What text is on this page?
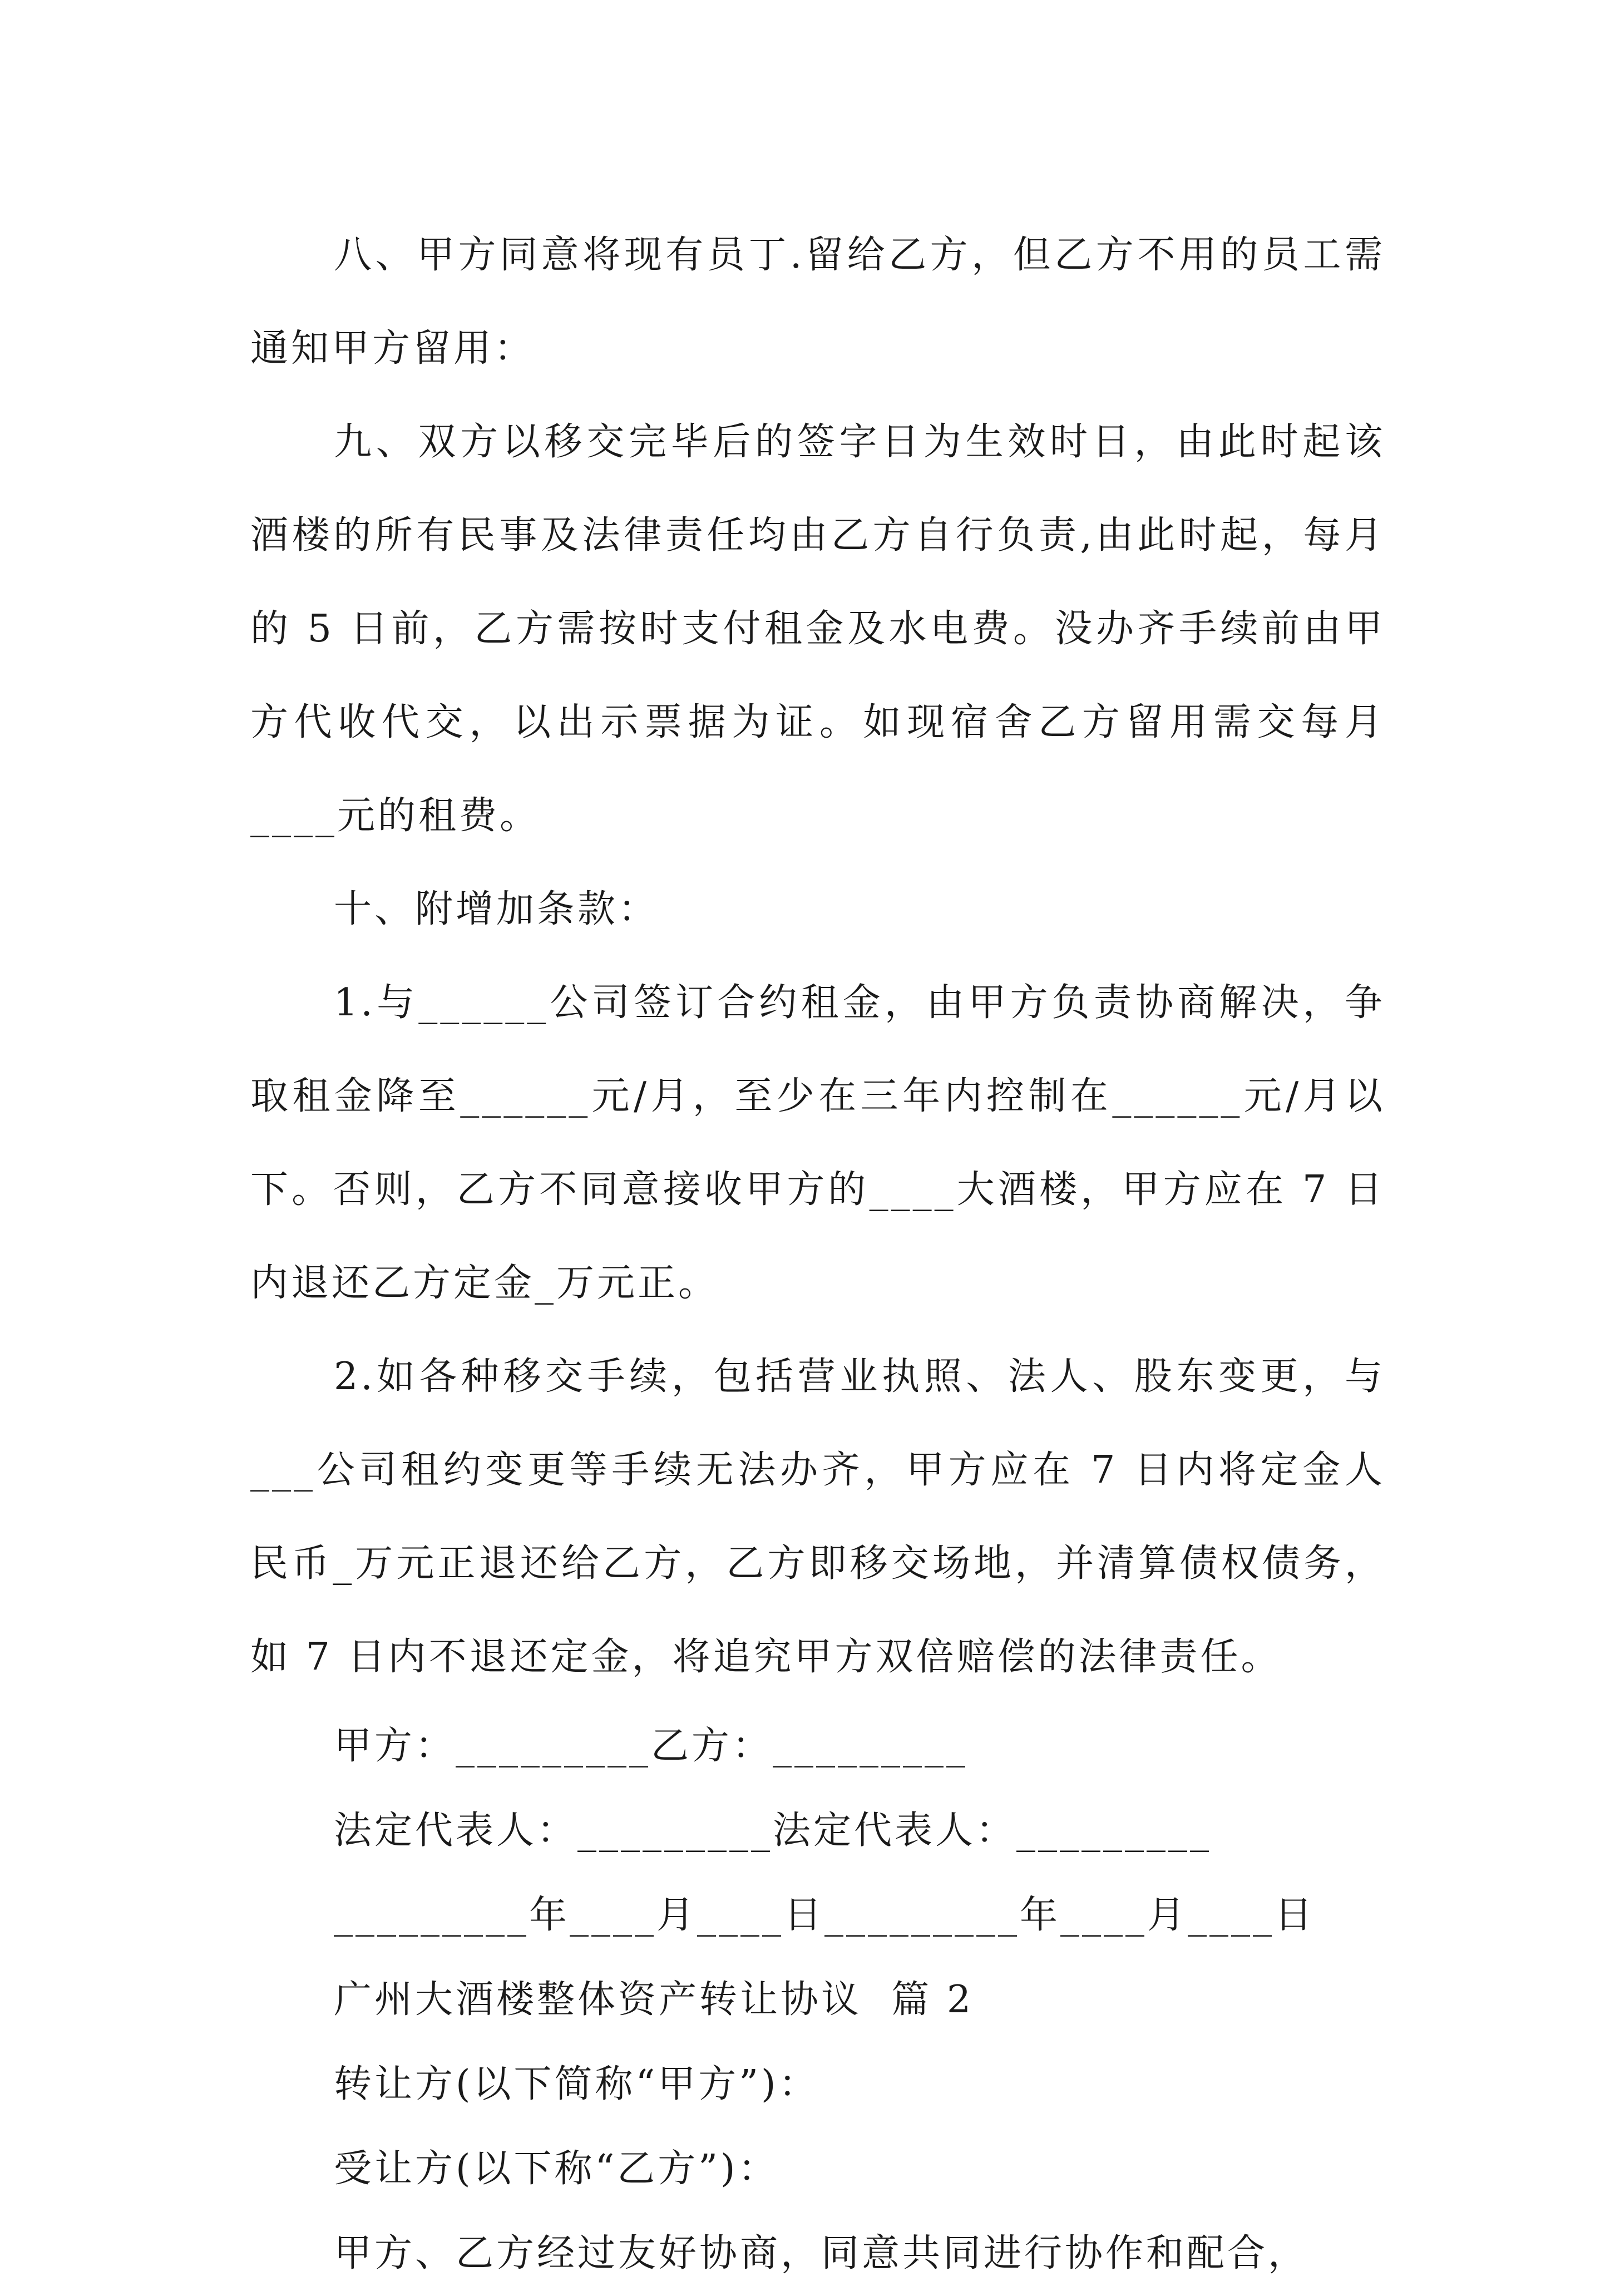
八、甲方同意将现有员丁.留给乙方，但乙方不用的员工需通知甲方留用：

九、双方以移交完毕后的签字日为生效时日，由此时起该酒楼的所有民事及法律责任均由乙方自行负责,由此时起，每月的 5 日前，乙方需按时支付租金及水电费。没办齐手续前由甲方代收代交，以出示票据为证。如现宿舍乙方留用需交每月____元的租费。

十、附增加条款：

1.与______公司签订合约租金，由甲方负责协商解决，争取租金降至______元/月，至少在三年内控制在______元/月以下。否则，乙方不同意接收甲方的____大酒楼，甲方应在 7 日内退还乙方定金_万元正。

2.如各种移交手续，包括营业执照、法人、股东变更，与___公司租约变更等手续无法办齐，甲方应在 7 日内将定金人民币_万元正退还给乙方，乙方即移交场地，并清算债权债务，如 7 日内不退还定金，将追究甲方双倍赔偿的法律责任。

甲方：_________乙方：_________

法定代表人：_________法定代表人：_________

_________年____月____日_________年____月____日

广州大酒楼整体资产转让协议  篇 2

转让方(以下简称“甲方”)：

受让方(以下称“乙方”)：

甲方、乙方经过友好协商，同意共同进行协作和配合，
